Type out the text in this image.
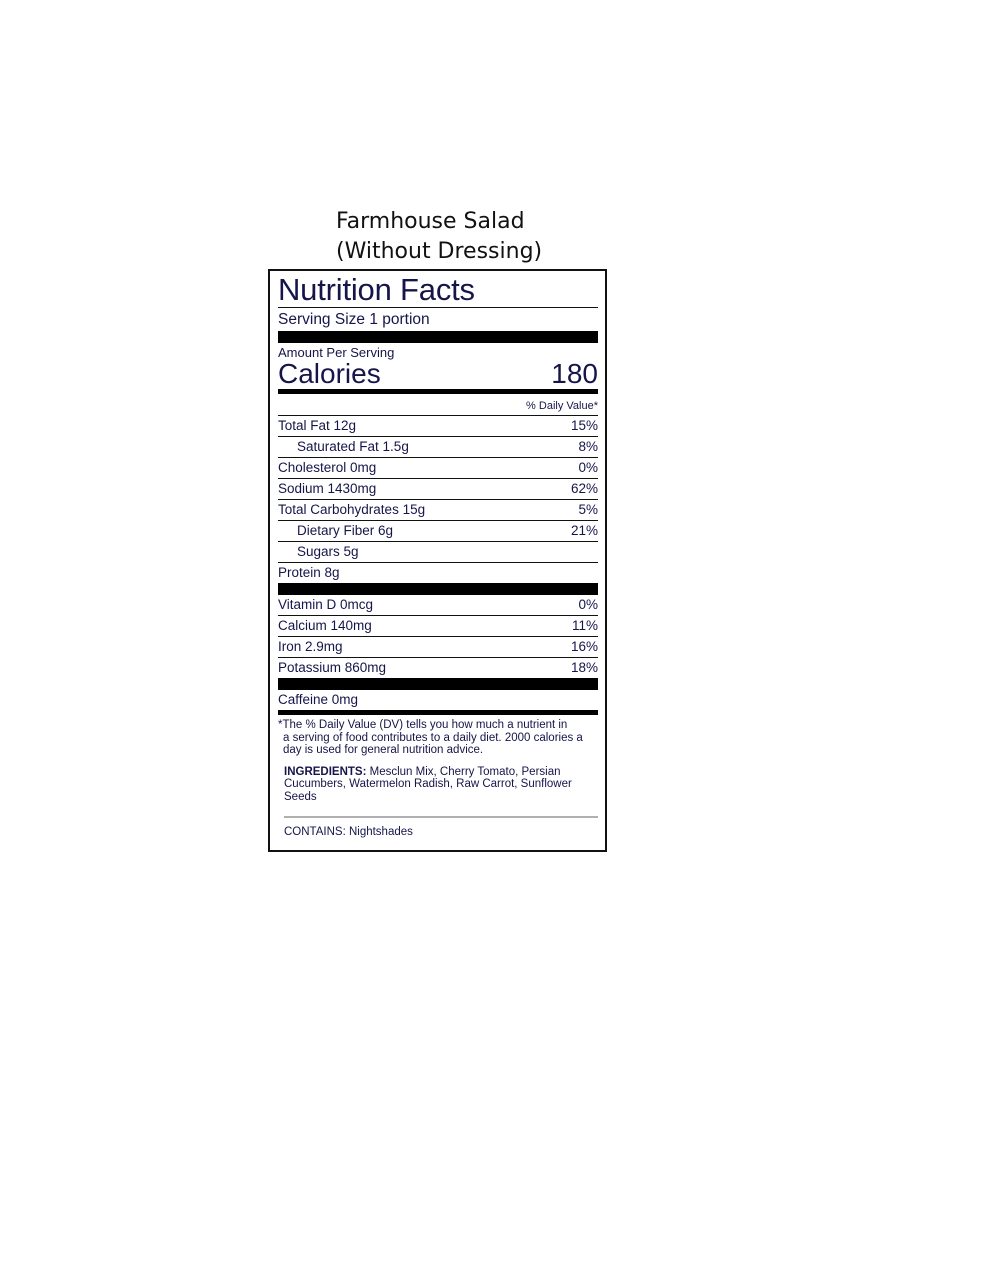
Farmhouse Salad
(Without Dressing)
Nutrition Facts
Serving Size 1 portion
Amount Per Serving
Calories	180
% Daily Value*
Total Fat 12g	15%
Saturated Fat 1.5g	8%
Cholesterol 0mg	0%
Sodium 1430mg	62%
Total Carbohydrates 15g	5%
Dietary Fiber 6g	21%
Sugars 5g
Protein 8g
Vitamin D 0mcg	0%
Calcium 140mg	11%
Iron 2.9mg	16%
Potassium 860mg	18%
Caffeine 0mg
*The % Daily Value (DV) tells you how much a nutrient in
a serving of food contributes to a daily diet. 2000 calories a day is used for general nutrition advice.
INGREDIENTS: Mesclun Mix, Cherry Tomato, Persian Cucumbers, Watermelon Radish, Raw Carrot, Sunflower Seeds
CONTAINS: Nightshades
